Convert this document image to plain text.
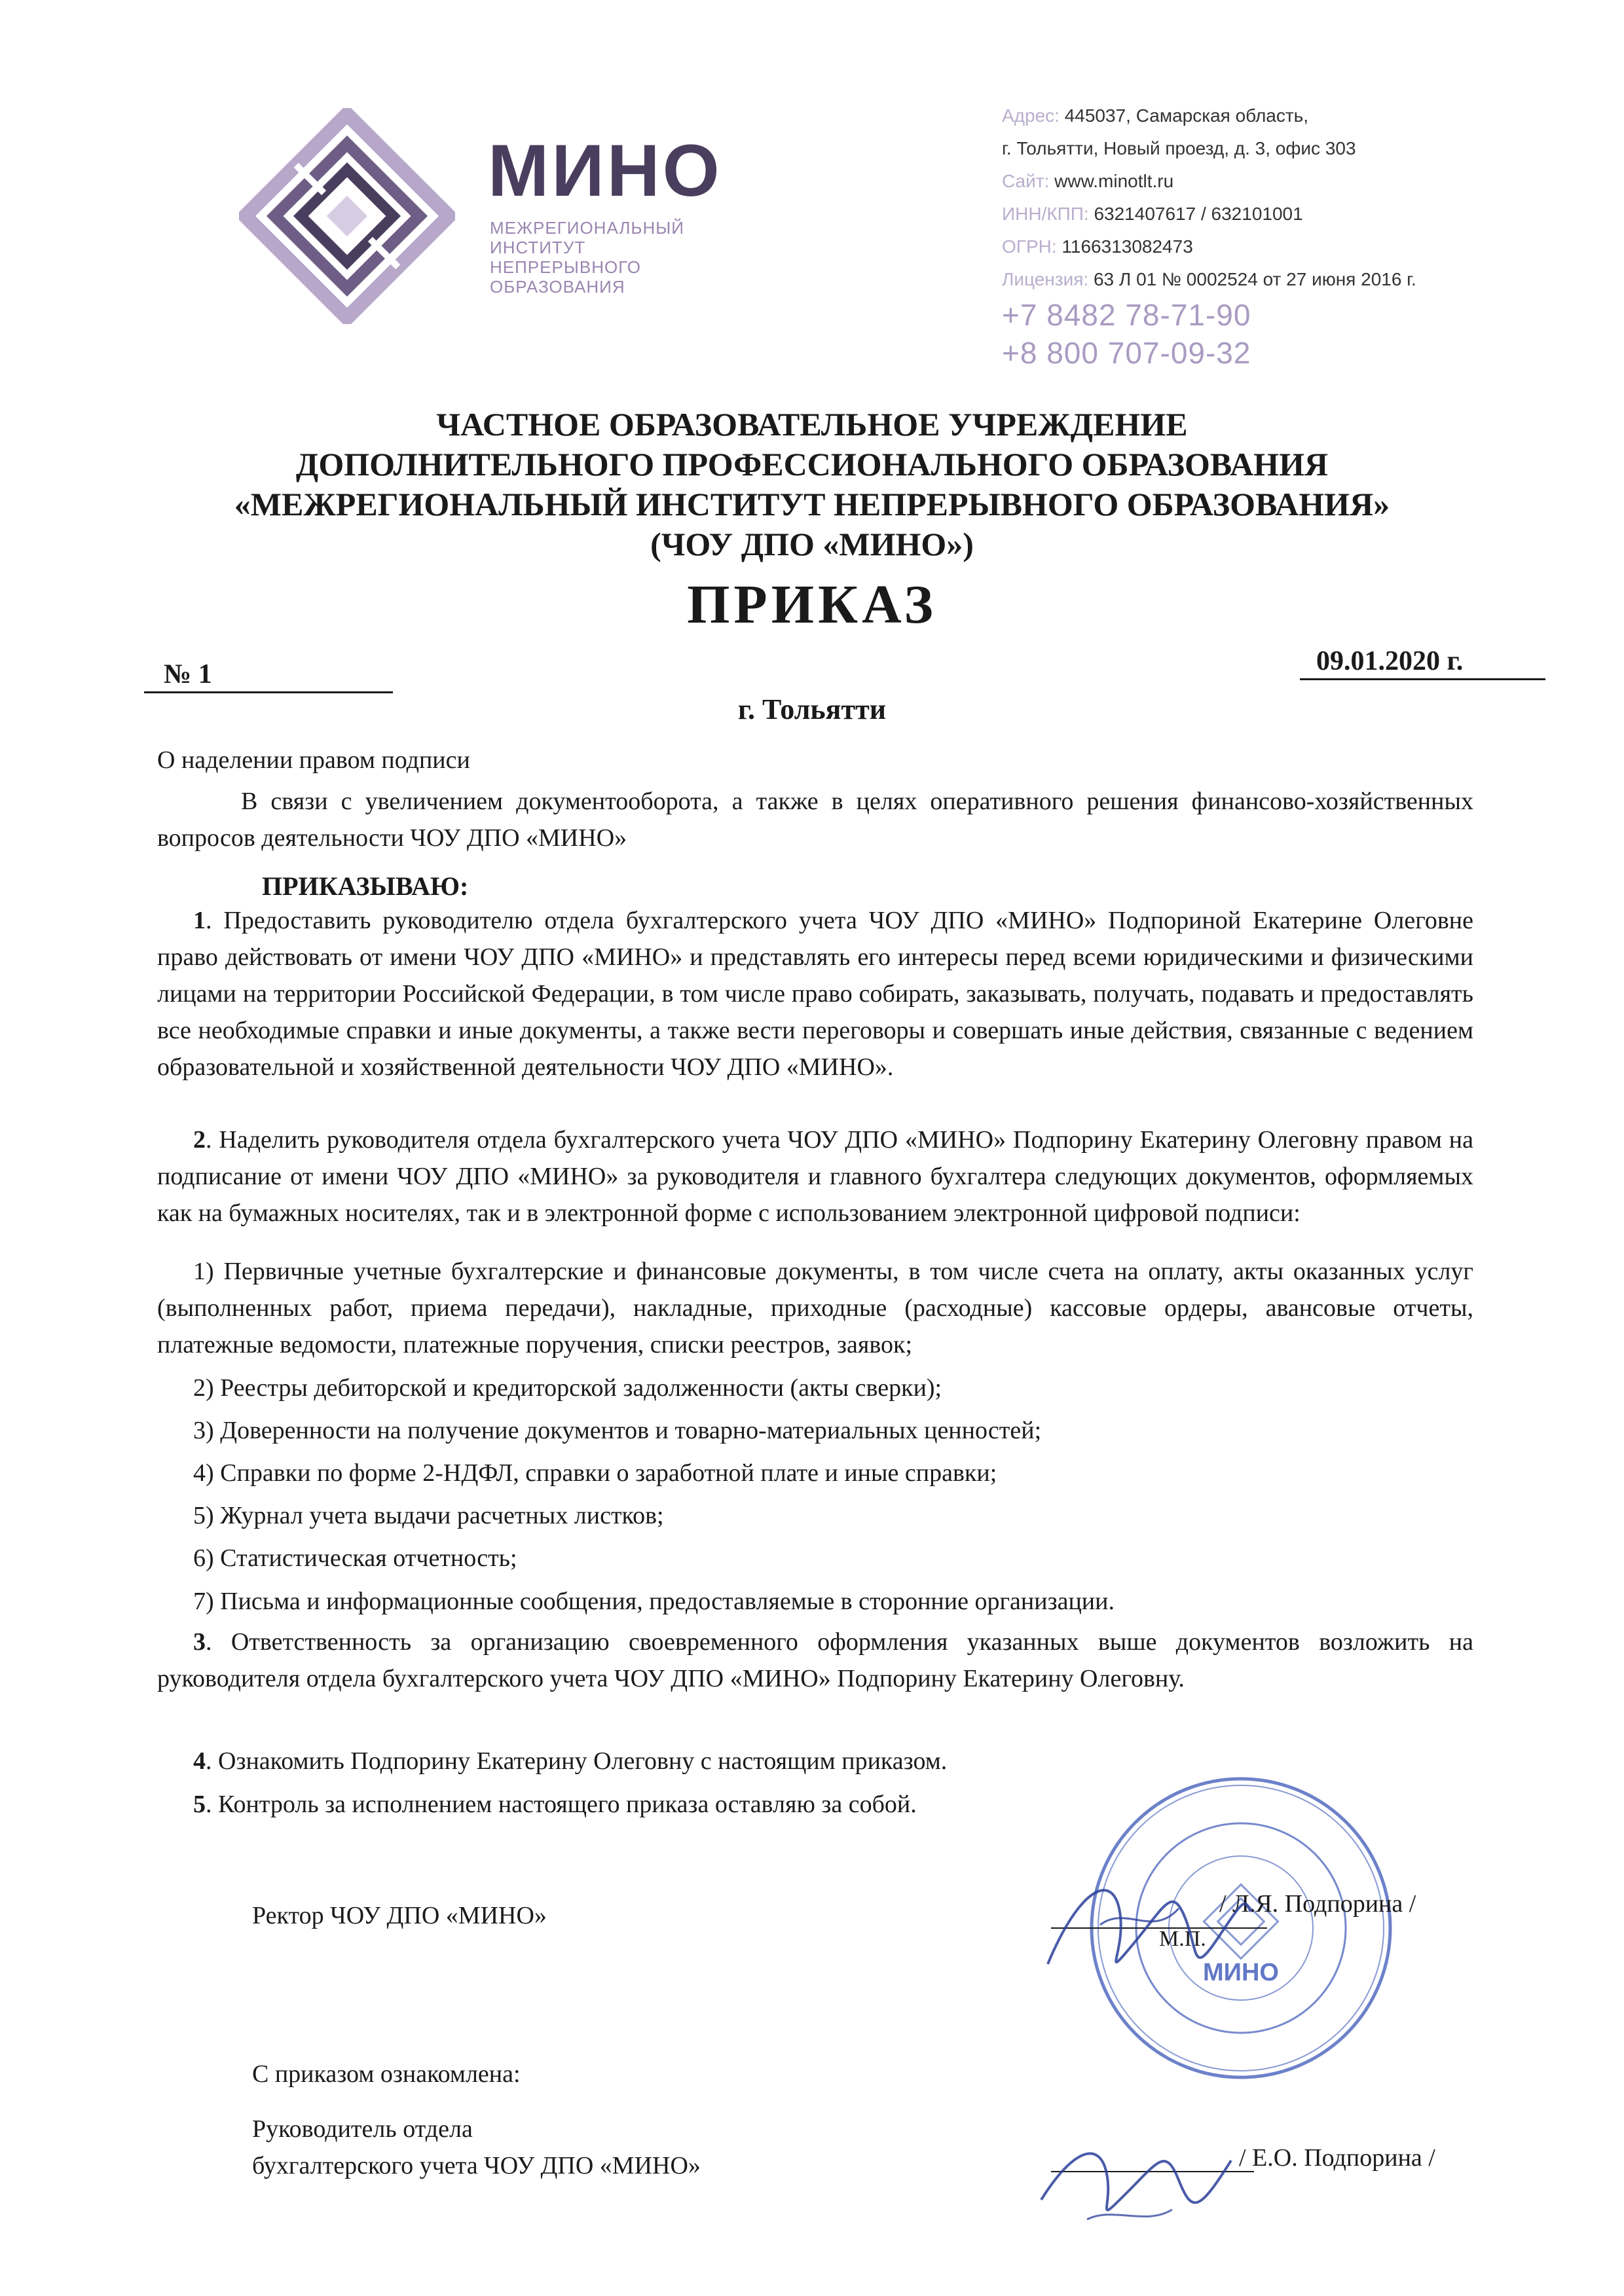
МИНО
МЕЖРЕГИОНАЛЬНЫЙ
ИНСТИТУТ
НЕПРЕРЫВНОГО
ОБРАЗОВАНИЯ
Адрес: 445037, Самарская область,
г. Тольятти, Новый проезд, д. 3, офис 303
Сайт: www.minotlt.ru
ИНН/КПП: 6321407617 / 632101001
ОГРН: 1166313082473
Лицензия: 63 Л 01 № 0002524 от 27 июня 2016 г.
+7 8482 78-71-90
+8 800 707-09-32
ЧАСТНОЕ ОБРАЗОВАТЕЛЬНОЕ УЧРЕЖДЕНИЕ
ДОПОЛНИТЕЛЬНОГО ПРОФЕССИОНАЛЬНОГО ОБРАЗОВАНИЯ
«МЕЖРЕГИОНАЛЬНЫЙ ИНСТИТУТ НЕПРЕРЫВНОГО ОБРАЗОВАНИЯ»
(ЧОУ ДПО «МИНО»)
ПРИКАЗ
№ 1	09.01.2020 г.
г. Тольятти
О наделении правом подписи
В связи с увеличением документооборота, а также в целях оперативного решения финансово-хозяйственных вопросов деятельности ЧОУ ДПО «МИНО»
ПРИКАЗЫВАЮ:
1. Предоставить руководителю отдела бухгалтерского учета ЧОУ ДПО «МИНО» Подпориной Екатерине Олеговне право действовать от имени ЧОУ ДПО «МИНО» и представлять его интересы перед всеми юридическими и физическими лицами на территории Российской Федерации, в том числе право собирать, заказывать, получать, подавать и предоставлять все необходимые справки и иные документы, а также вести переговоры и совершать иные действия, связанные с ведением образовательной и хозяйственной деятельности ЧОУ ДПО «МИНО».
2. Наделить руководителя отдела бухгалтерского учета ЧОУ ДПО «МИНО» Подпорину Екатерину Олеговну правом на подписание от имени ЧОУ ДПО «МИНО» за руководителя и главного бухгалтера следующих документов, оформляемых как на бумажных носителях, так и в электронной форме с использованием электронной цифровой подписи:
1) Первичные учетные бухгалтерские и финансовые документы, в том числе счета на оплату, акты оказанных услуг (выполненных работ, приема передачи), накладные, приходные (расходные) кассовые ордеры, авансовые отчеты, платежные ведомости, платежные поручения, списки реестров, заявок;
2) Реестры дебиторской и кредиторской задолженности (акты сверки);
3) Доверенности на получение документов и товарно-материальных ценностей;
4) Справки по форме 2-НДФЛ, справки о заработной плате и иные справки;
5) Журнал учета выдачи расчетных листков;
6) Статистическая отчетность;
7) Письма и информационные сообщения, предоставляемые в сторонние организации.
3. Ответственность за организацию своевременного оформления указанных выше документов возложить на руководителя отдела бухгалтерского учета ЧОУ ДПО «МИНО» Подпорину Екатерину Олеговну.
4. Ознакомить Подпорину Екатерину Олеговну с настоящим приказом.
5. Контроль за исполнением настоящего приказа оставляю за собой.
МИНО
Ректор ЧОУ ДПО «МИНО»	/ Л.Я. Подпорина /
М.П.
С приказом ознакомлена:
Руководитель отдела
бухгалтерского учета ЧОУ ДПО «МИНО»	/ Е.О. Подпорина /
